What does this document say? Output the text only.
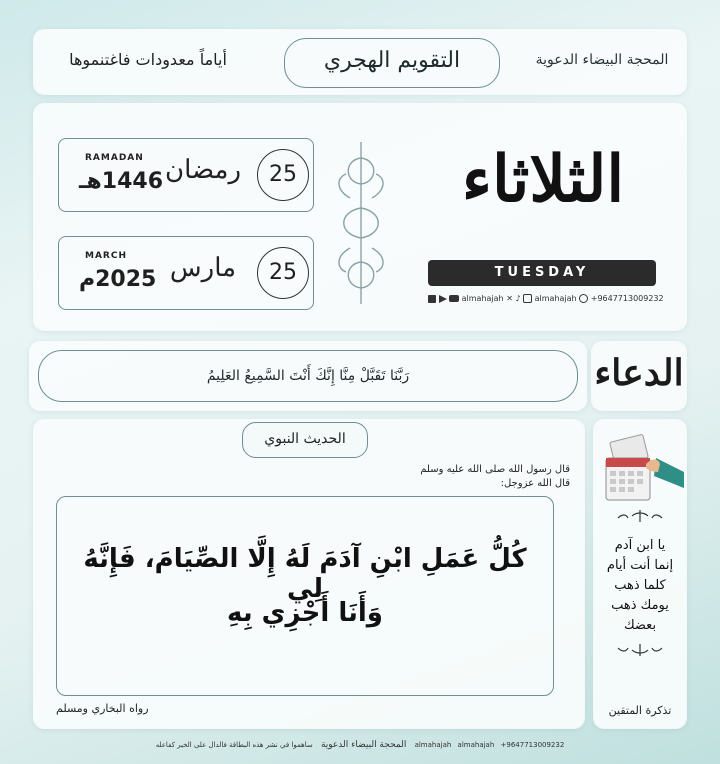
أياماً معدودات فاغتنموها	التقويم الهجري	المحجة البيضاء الدعوية
RAMADAN
1446هـ رمضان	25
MARCH
2025م مارس	25
الثلاثاء
TUESDAY
almahajah ✕ ♪ almahajah +9647713009232
رَبَّنَا تَقَبَّلْ مِنَّا إِنَّكَ أَنْتَ السَّمِيعُ العَلِيمُ	الدعاء
الحديث النبوي
قال رسول الله صلى الله عليه وسلم
قال الله عزوجل:
كُلُّ عَمَلِ ابْنِ آدَمَ لَهُ إِلَّا الصِّيَامَ، فَإِنَّهُ لِي
وَأَنَا أَجْزِي بِهِ
رواه البخاري ومسلم
يا ابن آدم
إنما أنت أيام
كلما ذهب
يومك ذهب
بعضك
تذكرة المتقين
ساهموا في نشر هذه البطاقة فالدال على الخير كفاعله المحجة البيضاء الدعوية almahajah almahajah +9647713009232
